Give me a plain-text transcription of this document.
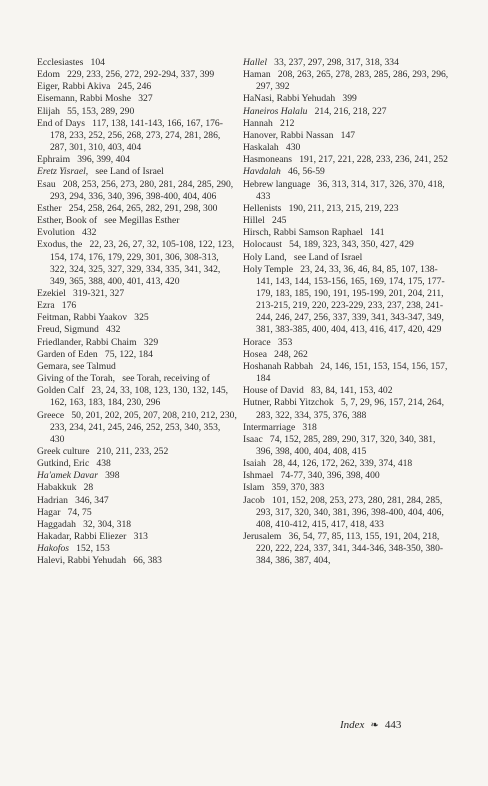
Ecclesiastes   104
Edom   229, 233, 256, 272, 292-294, 337, 399
Eiger, Rabbi Akiva   245, 246
Eisemann, Rabbi Moshe   327
Elijah   55, 153, 289, 290
End of Days   117, 138, 141-143, 166, 167, 176-178, 233, 252, 256, 268, 273, 274, 281, 286, 287, 301, 310, 403, 404
Ephraim   396, 399, 404
Eretz Yisrael,   see Land of Israel
Esau   208, 253, 256, 273, 280, 281, 284, 285, 290, 293, 294, 336, 340, 396, 398-400, 404, 406
Esther   254, 258, 264, 265, 282, 291, 298, 300
Esther, Book of   see Megillas Esther
Evolution   432
Exodus, the   22, 23, 26, 27, 32, 105-108, 122, 123, 154, 174, 176, 179, 229, 301, 306, 308-313, 322, 324, 325, 327, 329, 334, 335, 341, 342, 349, 365, 388, 400, 401, 413, 420
Ezekiel   319-321, 327
Ezra   176
Feitman, Rabbi Yaakov   325
Freud, Sigmund   432
Friedlander, Rabbi Chaim   329
Garden of Eden   75, 122, 184
Gemara, see Talmud
Giving of the Torah,   see Torah, receiving of
Golden Calf   23, 24, 33, 108, 123, 130, 132, 145, 162, 163, 183, 184, 230, 296
Greece   50, 201, 202, 205, 207, 208, 210, 212, 230, 233, 234, 241, 245, 246, 252, 253, 340, 353, 430
Greek culture   210, 211, 233, 252
Gutkind, Eric   438
Ha'amek Davar   398
Habakkuk   28
Hadrian   346, 347
Hagar   74, 75
Haggadah   32, 304, 318
Hakadar, Rabbi Eliezer   313
Hakofos   152, 153
Halevi, Rabbi Yehudah   66, 383
Hallel   33, 237, 297, 298, 317, 318, 334
Haman   208, 263, 265, 278, 283, 285, 286, 293, 296, 297, 392
HaNasi, Rabbi Yehudah   399
Haneiros Halalu   214, 216, 218, 227
Hannah   212
Hanover, Rabbi Nassan   147
Haskalah   430
Hasmoneans   191, 217, 221, 228, 233, 236, 241, 252
Havdalah   46, 56-59
Hebrew language   36, 313, 314, 317, 326, 370, 418, 433
Hellenists   190, 211, 213, 215, 219, 223
Hillel   245
Hirsch, Rabbi Samson Raphael   141
Holocaust   54, 189, 323, 343, 350, 427, 429
Holy Land,   see Land of Israel
Holy Temple   23, 24, 33, 36, 46, 84, 85, 107, 138-141, 143, 144, 153-156, 165, 169, 174, 175, 177-179, 183, 185, 190, 191, 195-199, 201, 204, 211, 213-215, 219, 220, 223-229, 233, 237, 238, 241-244, 246, 247, 256, 337, 339, 341, 343-347, 349, 381, 383-385, 400, 404, 413, 416, 417, 420, 429
Horace   353
Hosea   248, 262
Hoshanah Rabbah   24, 146, 151, 153, 154, 156, 157, 184
House of David   83, 84, 141, 153, 402
Hutner, Rabbi Yitzchok   5, 7, 29, 96, 157, 214, 264, 283, 322, 334, 375, 376, 388
Intermarriage   318
Isaac   74, 152, 285, 289, 290, 317, 320, 340, 381, 396, 398, 400, 404, 408, 415
Isaiah   28, 44, 126, 172, 262, 339, 374, 418
Ishmael   74-77, 340, 396, 398, 400
Islam   359, 370, 383
Jacob   101, 152, 208, 253, 273, 280, 281, 284, 285, 293, 317, 320, 340, 381, 396, 398-400, 404, 406, 408, 410-412, 415, 417, 418, 433
Jerusalem   36, 54, 77, 85, 113, 155, 191, 204, 218, 220, 222, 224, 337, 341, 344-346, 348-350, 380-384, 386, 387, 404,
Index ❧ 443
